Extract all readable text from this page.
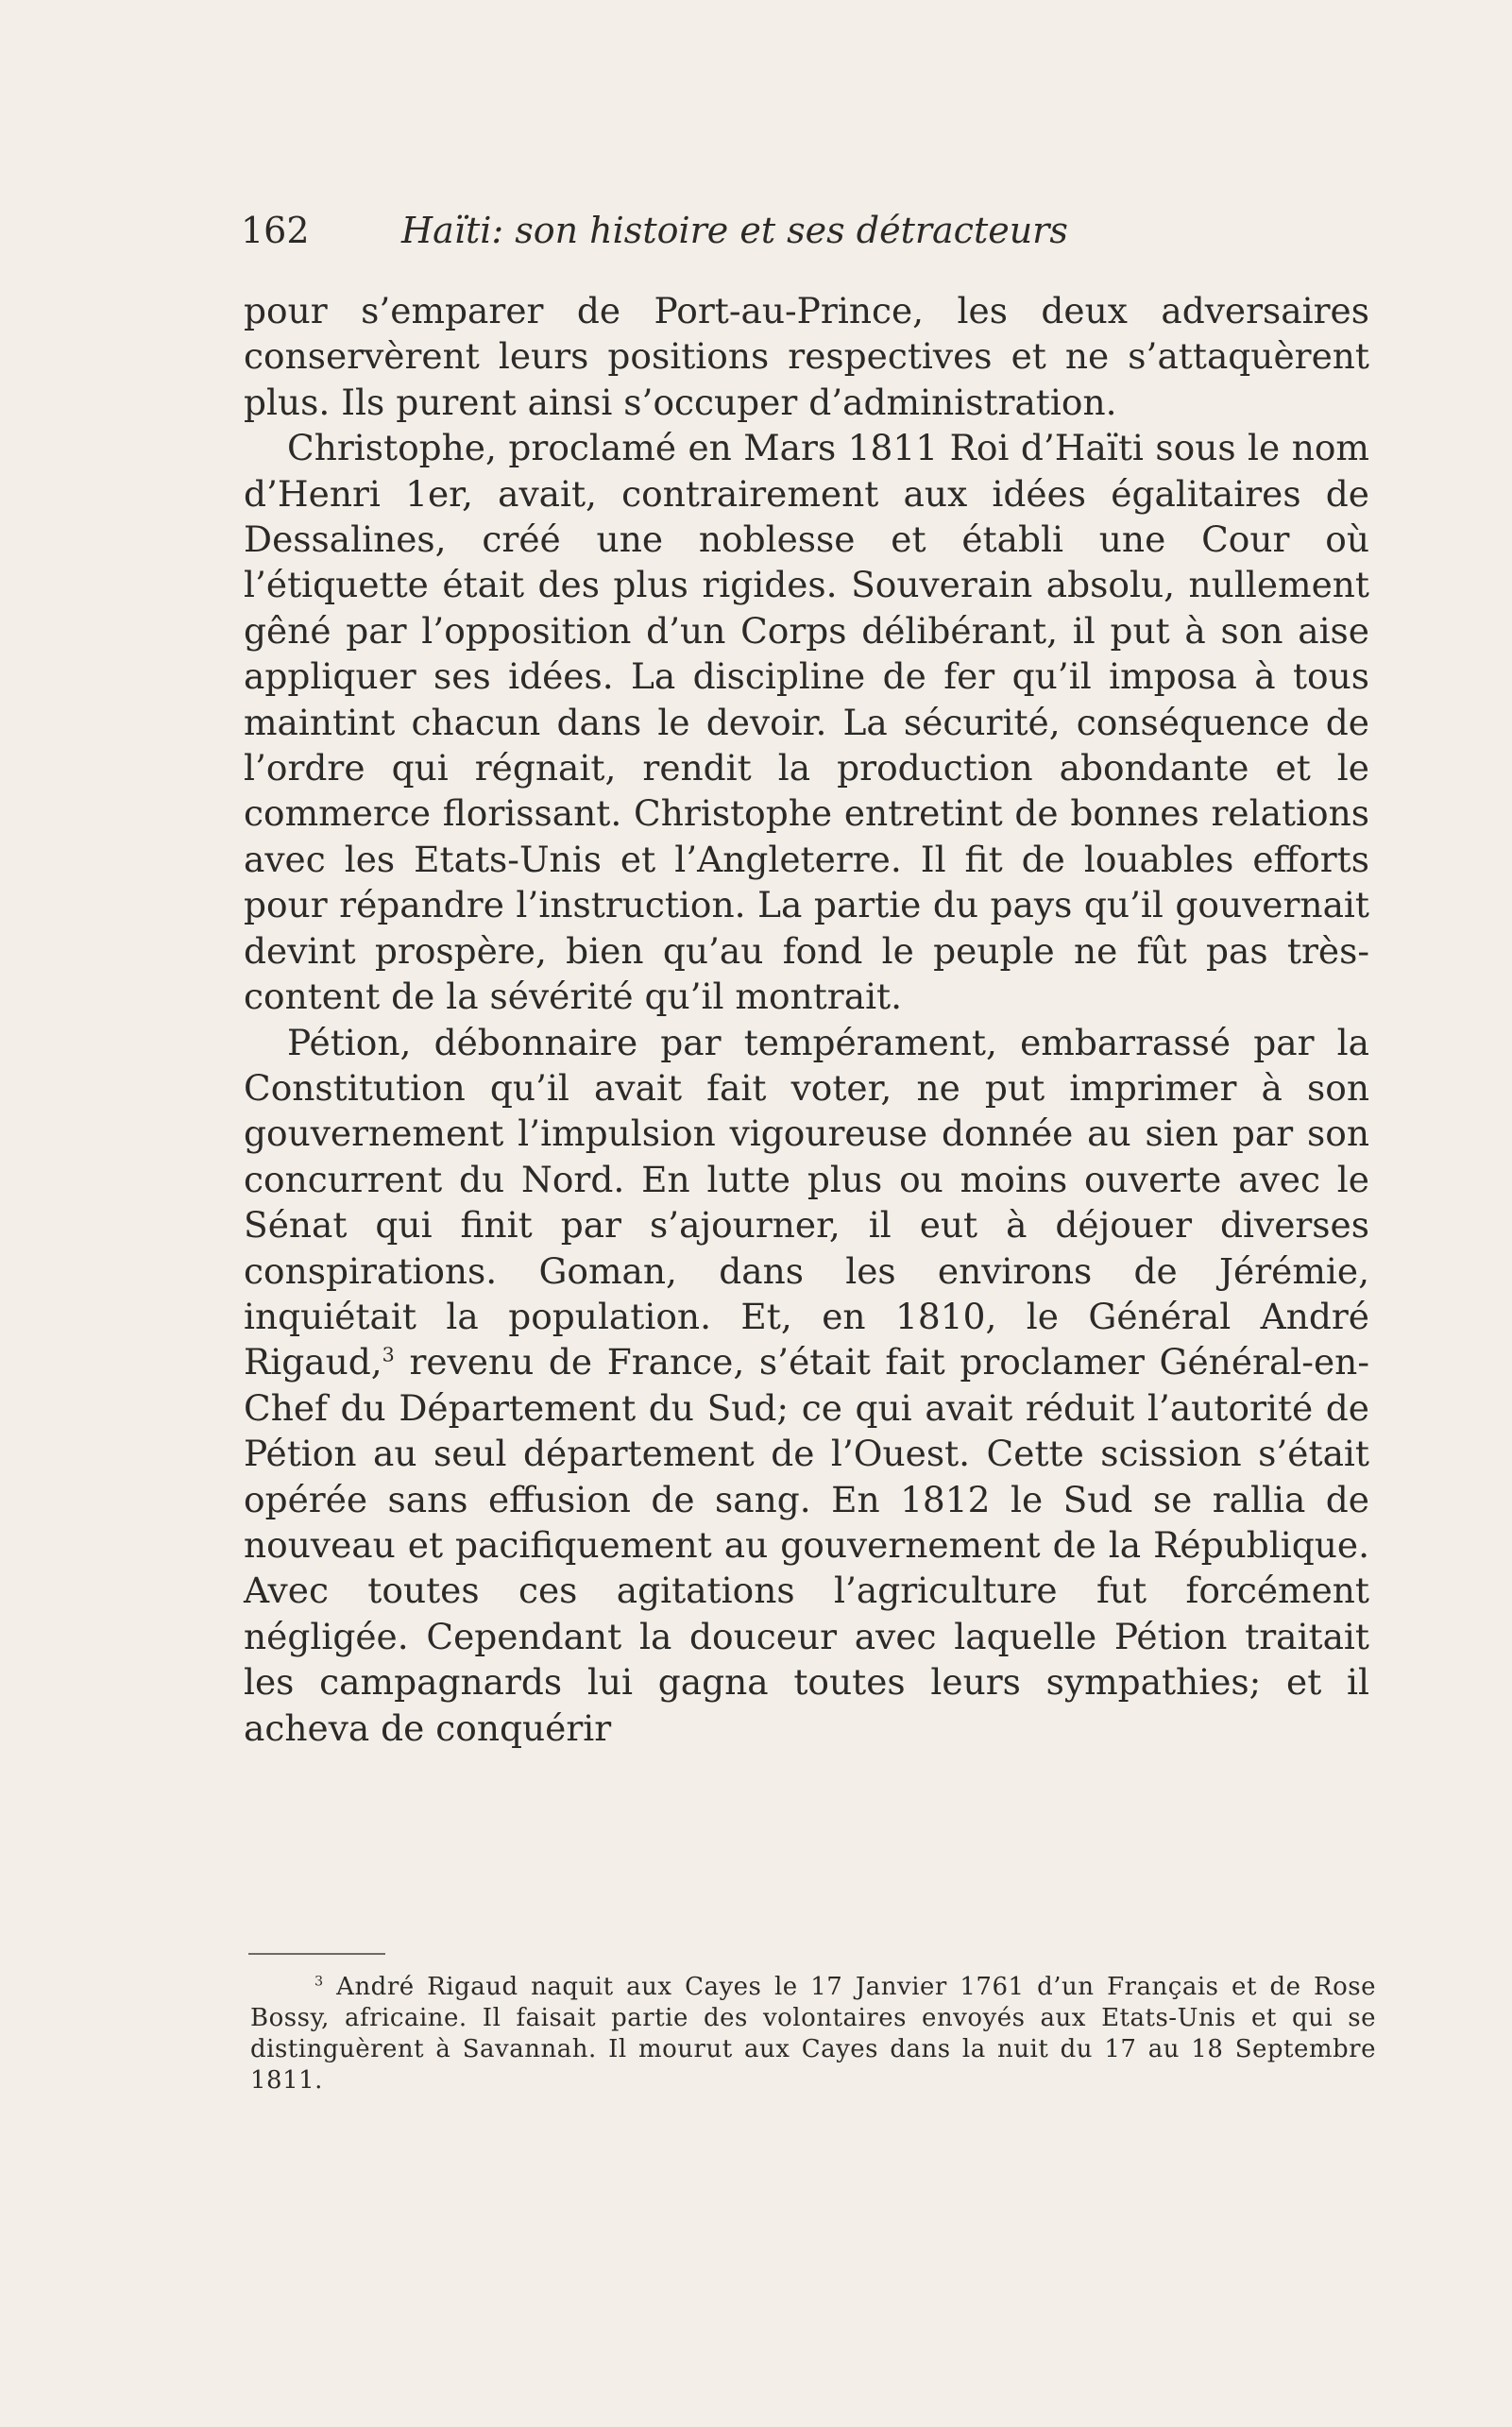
162	Haïti: son histoire et ses détracteurs

pour s’emparer de Port-au-Prince, les deux adversaires conservèrent leurs positions respectives et ne s’attaquèrent plus. Ils purent ainsi s’occuper d’administration.

Christophe, proclamé en Mars 1811 Roi d’Haïti sous le nom d’Henri 1er, avait, contrairement aux idées égalitaires de Dessalines, créé une noblesse et établi une Cour où l’étiquette était des plus rigides. Souverain absolu, nullement gêné par l’opposition d’un Corps délibérant, il put à son aise appliquer ses idées. La discipline de fer qu’il imposa à tous maintint chacun dans le devoir. La sécurité, conséquence de l’ordre qui régnait, rendit la production abondante et le commerce florissant. Christophe entretint de bonnes relations avec les Etats-Unis et l’Angleterre. Il fit de louables efforts pour répandre l’instruction. La partie du pays qu’il gouvernait devint prospère, bien qu’au fond le peuple ne fût pas très-content de la sévérité qu’il montrait.

Pétion, débonnaire par tempérament, embarrassé par la Constitution qu’il avait fait voter, ne put imprimer à son gouvernement l’impulsion vigoureuse donnée au sien par son concurrent du Nord. En lutte plus ou moins ouverte avec le Sénat qui finit par s’ajourner, il eut à déjouer diverses conspirations. Goman, dans les environs de Jérémie, inquiétait la population. Et, en 1810, le Général André Rigaud,$^3$ revenu de France, s’était fait proclamer Général-en-Chef du Département du Sud; ce qui avait réduit l’autorité de Pétion au seul département de l’Ouest. Cette scission s’était opérée sans effusion de sang. En 1812 le Sud se rallia de nouveau et pacifiquement au gouvernement de la République. Avec toutes ces agitations l’agriculture fut forcément négligée. Cependant la douceur avec laquelle Pétion traitait les campagnards lui gagna toutes leurs sympathies; et il acheva de conquérir

$^3$ André Rigaud naquit aux Cayes le 17 Janvier 1761 d’un Français et de Rose Bossy, africaine. Il faisait partie des volontaires envoyés aux Etats-Unis et qui se distinguèrent à Savannah. Il mourut aux Cayes dans la nuit du 17 au 18 Septembre 1811.
